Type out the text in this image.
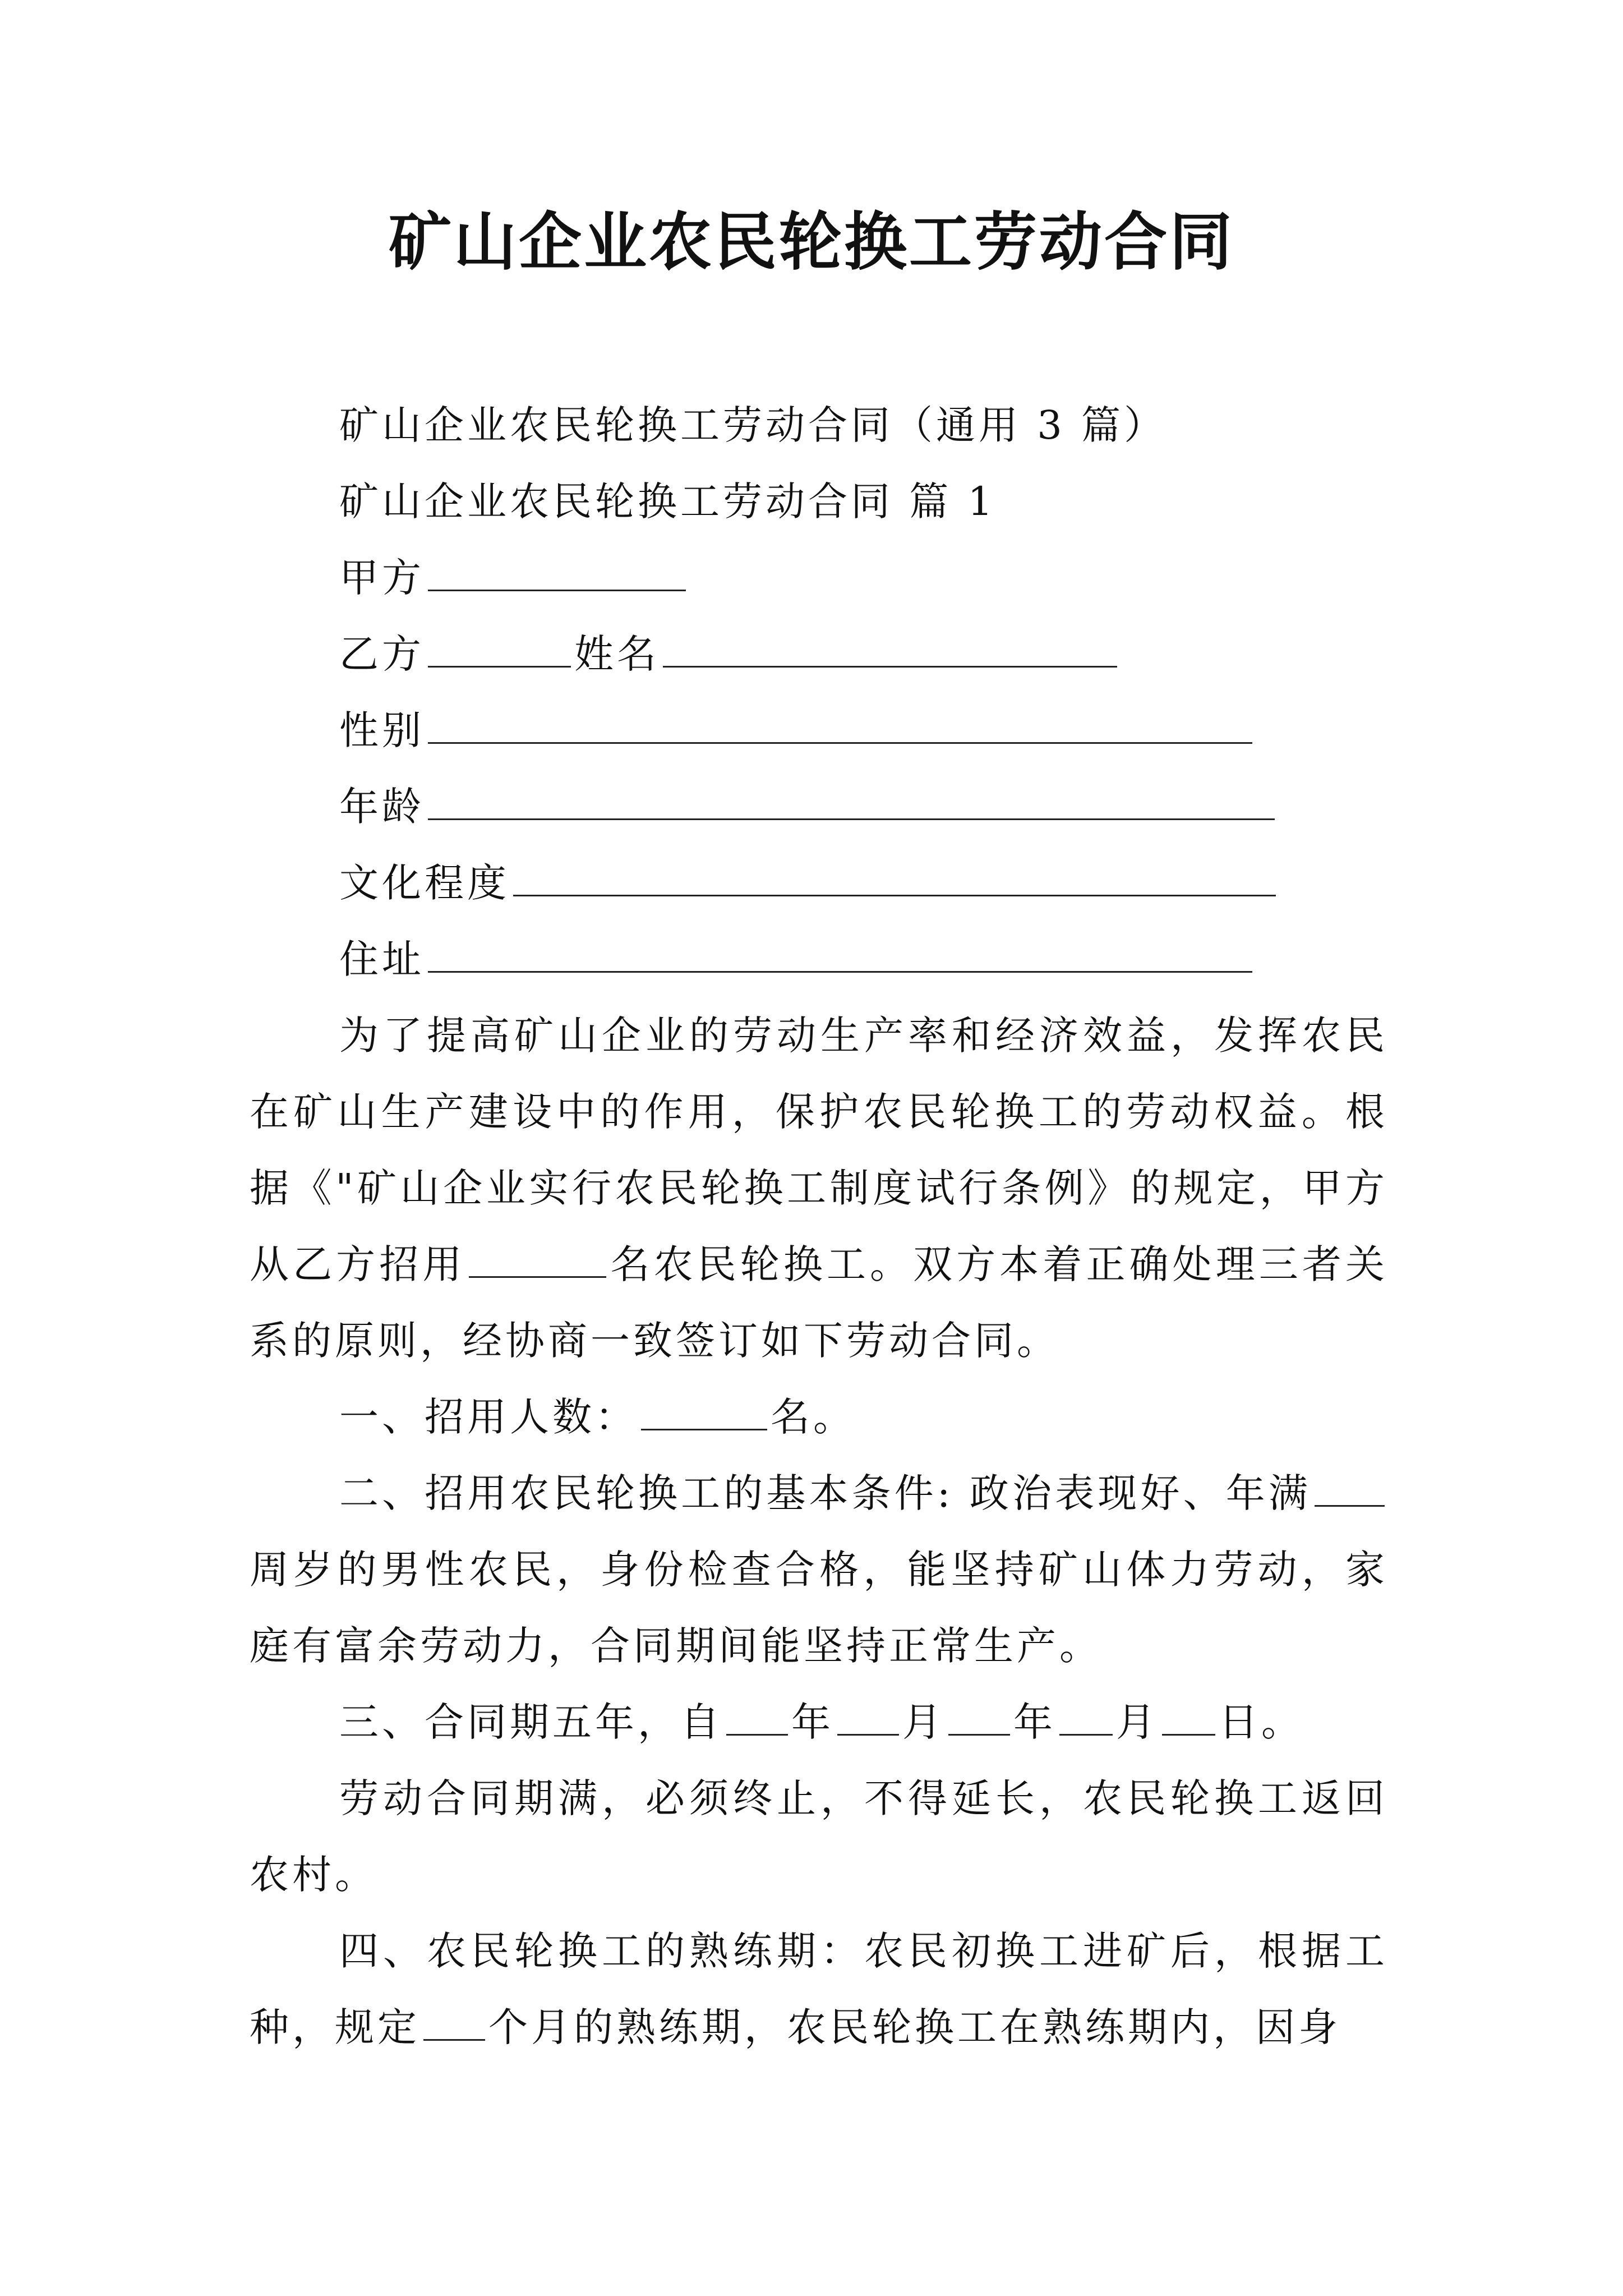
矿山企业农民轮换工劳动合同

矿山企业农民轮换工劳动合同（通用 3 篇）

矿山企业农民轮换工劳动合同 篇 1

甲方

乙方	姓名

性别

年龄

文化程度

住址

为了提高矿山企业的劳动生产率和经济效益，发挥农民在矿山生产建设中的作用，保护农民轮换工的劳动权益。根据《"矿山企业实行农民轮换工制度试行条例》的规定，甲方从乙方招用	名农民轮换工。双方本着正确处理三者关系的原则，经协商一致签订如下劳动合同。

一、招用人数：	名。

二、招用农民轮换工的基本条件: 政治表现好、年满周岁的男性农民，身份检查合格，能坚持矿山体力劳动，家庭有富余劳动力，合同期间能坚持正常生产。

三、合同期五年，自 年 月 年 月 日。

劳动合同期满，必须终止，不得延长，农民轮换工返回农村。

四、农民轮换工的熟练期：农民初换工进矿后，根据工种，规定 个月的熟练期，农民轮换工在熟练期内，因身
